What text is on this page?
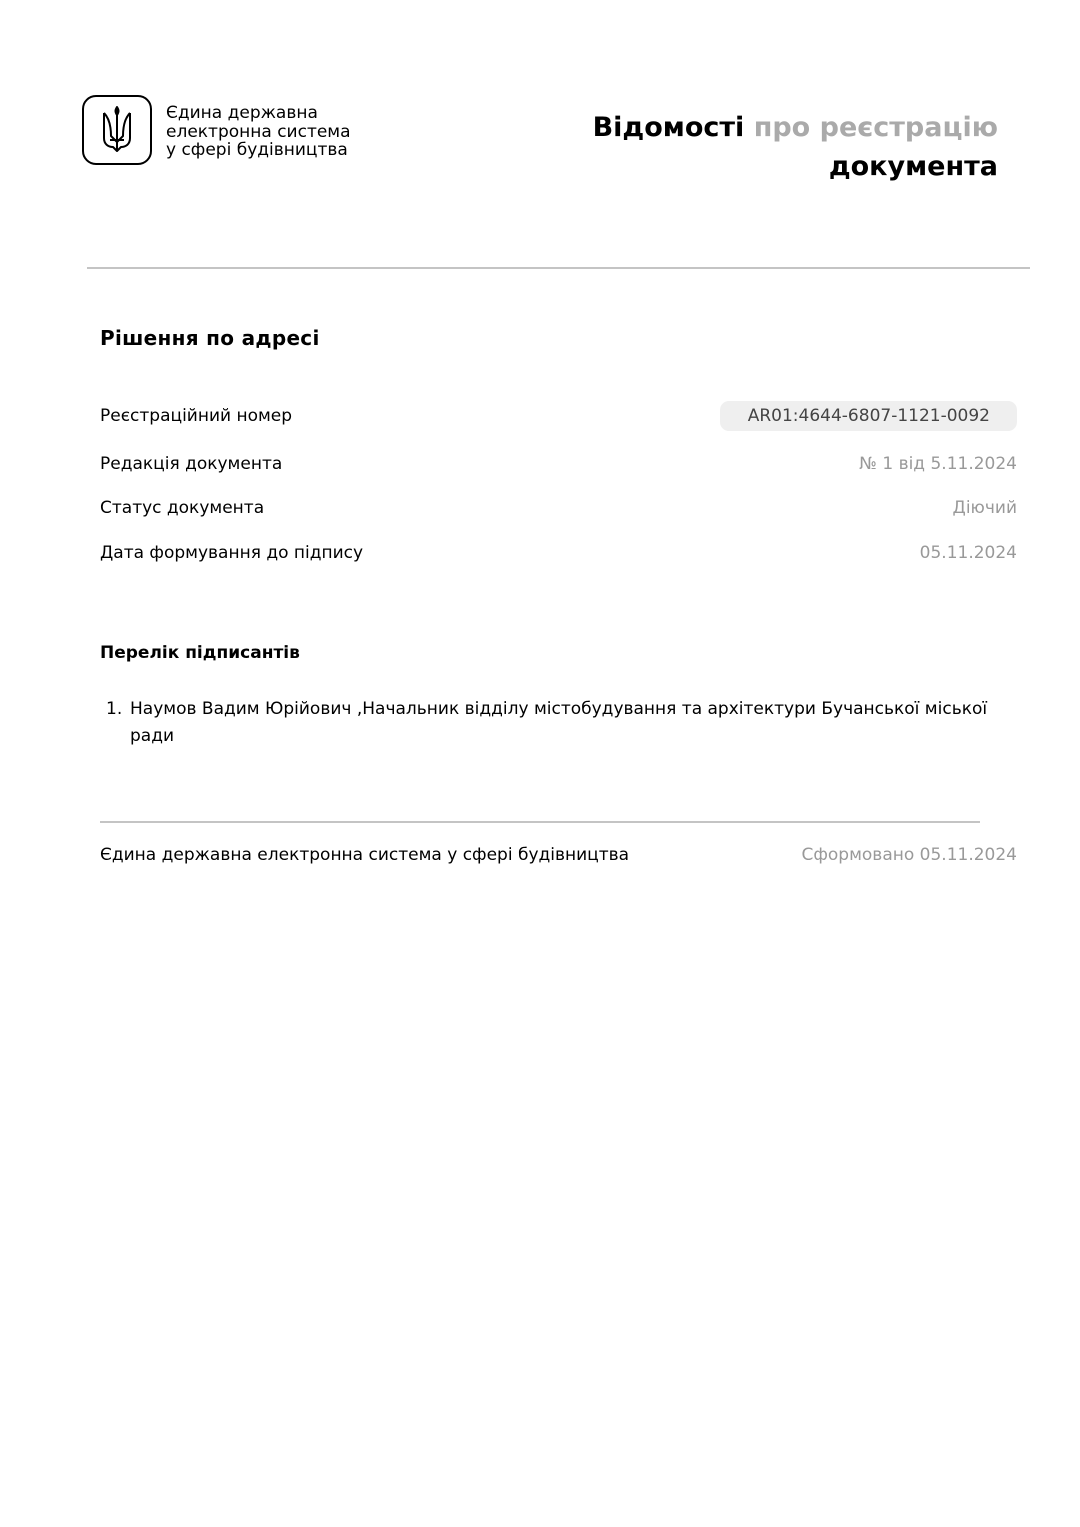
Єдина державна
електронна система
у сфері будівництва
Відомості про реєстрацію
документа
Рішення по адресі
Реєстраційний номер	AR01:4644-6807-1121-0092
Редакція документа	№ 1 від 5.11.2024
Статус документа	Діючий
Дата формування до підпису	05.11.2024
Перелік підписантів
1. Наумов Вадим Юрійович ,Начальник відділу містобудування та архітектури Бучанської міської ради
Єдина державна електронна система у сфері будівництва	Сформовано 05.11.2024
